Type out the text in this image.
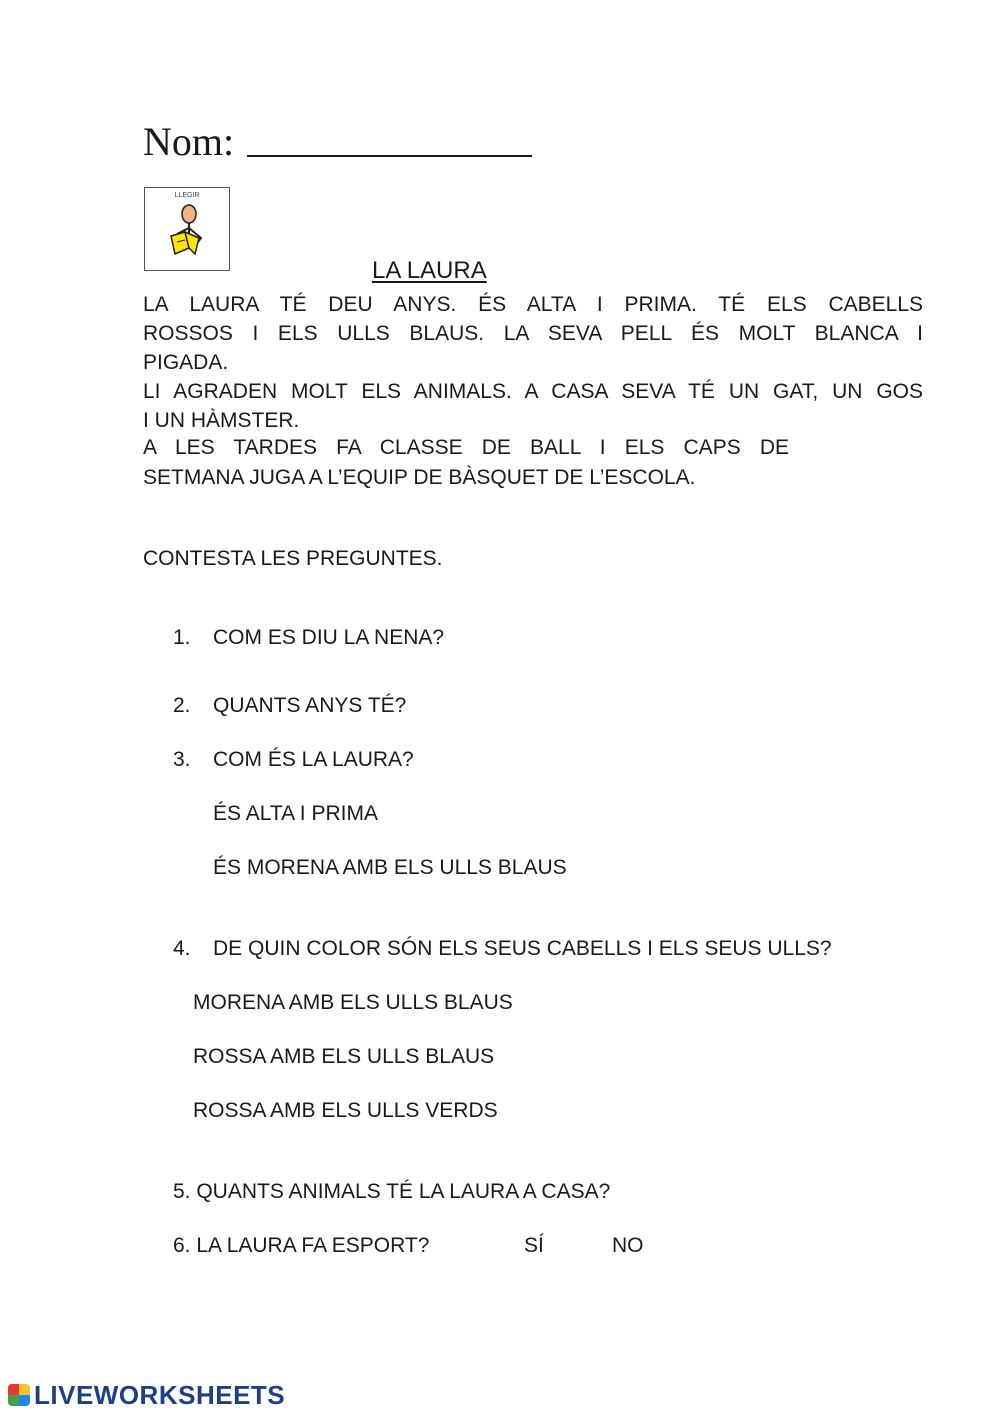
Nom:
LLEGIR
LA LAURA
LA LAURA TÉ DEU ANYS. ÉS ALTA I PRIMA. TÉ ELS CABELLS
ROSSOS I ELS ULLS BLAUS. LA SEVA PELL ÉS MOLT BLANCA I
PIGADA.
LI AGRADEN MOLT ELS ANIMALS. A CASA SEVA TÉ UN GAT, UN GOS
I UN HÀMSTER.
A LES TARDES FA CLASSE DE BALL I ELS CAPS DE
SETMANA JUGA A L’EQUIP DE BÀSQUET DE L’ESCOLA.
CONTESTA LES PREGUNTES.
1. COM ES DIU LA NENA?
2. QUANTS ANYS TÉ?
3. COM ÉS LA LAURA?
ÉS ALTA I PRIMA
ÉS MORENA AMB ELS ULLS BLAUS
4. DE QUIN COLOR SÓN ELS SEUS CABELLS I ELS SEUS ULLS?
MORENA AMB ELS ULLS BLAUS
ROSSA AMB ELS ULLS BLAUS
ROSSA AMB ELS ULLS VERDS
5. QUANTS ANIMALS TÉ LA LAURA A CASA?
6. LA LAURA FA ESPORT?	SÍ	NO
LIVEWORKSHEETS
